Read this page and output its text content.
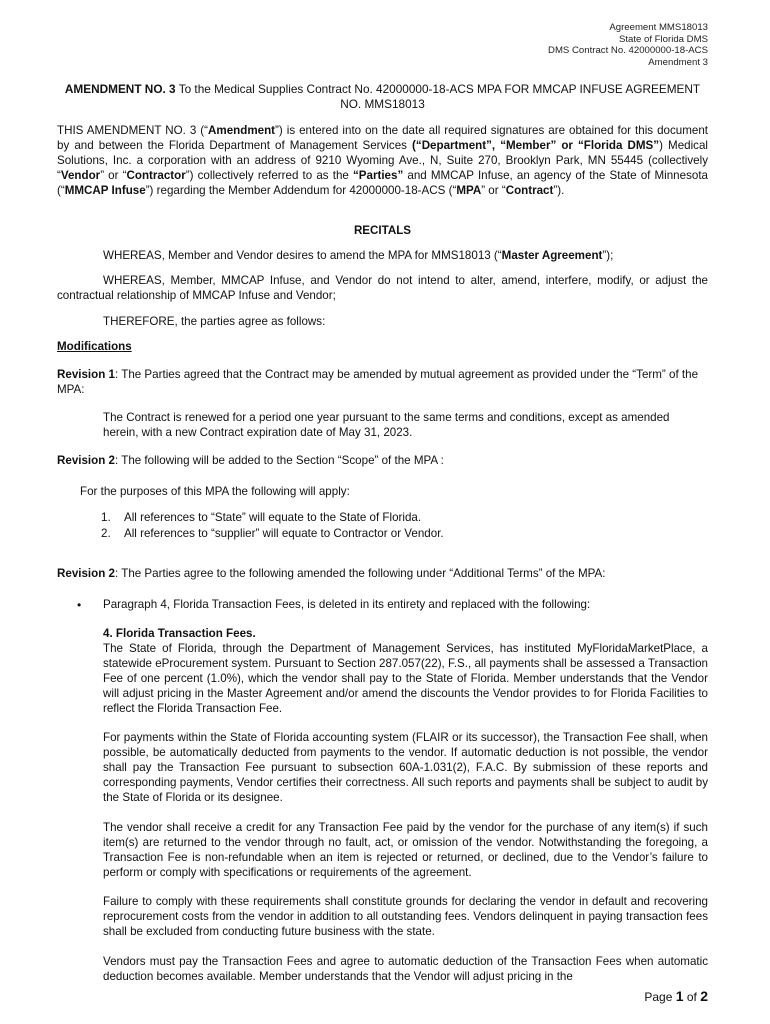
Agreement MMS18013
State of Florida DMS
DMS Contract No. 42000000-18-ACS
Amendment 3
AMENDMENT NO. 3 To the Medical Supplies Contract No. 42000000-18-ACS MPA FOR MMCAP INFUSE AGREEMENT NO. MMS18013
THIS AMENDMENT NO. 3 (“Amendment”) is entered into on the date all required signatures are obtained for this document by and between the Florida Department of Management Services (“Department”, “Member” or “Florida DMS”) Medical Solutions, Inc. a corporation with an address of 9210 Wyoming Ave., N, Suite 270, Brooklyn Park, MN 55445 (collectively “Vendor” or “Contractor”) collectively referred to as the “Parties” and MMCAP Infuse, an agency of the State of Minnesota (“MMCAP Infuse”) regarding the Member Addendum for 42000000-18-ACS (“MPA” or “Contract”).
RECITALS
WHEREAS, Member and Vendor desires to amend the MPA for MMS18013 (“Master Agreement”);
WHEREAS, Member, MMCAP Infuse, and Vendor do not intend to alter, amend, interfere, modify, or adjust the contractual relationship of MMCAP Infuse and Vendor;
THEREFORE, the parties agree as follows:
Modifications
Revision 1: The Parties agreed that the Contract may be amended by mutual agreement as provided under the “Term” of the MPA:
The Contract is renewed for a period one year pursuant to the same terms and conditions, except as amended herein, with a new Contract expiration date of May 31, 2023.
Revision 2: The following will be added to the Section “Scope” of the MPA :
For the purposes of this MPA the following will apply:
1. All references to “State” will equate to the State of Florida.
2. All references to “supplier” will equate to Contractor or Vendor.
Revision 2: The Parties agree to the following amended the following under “Additional Terms” of the MPA:
• Paragraph 4, Florida Transaction Fees, is deleted in its entirety and replaced with the following:
4. Florida Transaction Fees.
The State of Florida, through the Department of Management Services, has instituted MyFloridaMarketPlace, a statewide eProcurement system. Pursuant to Section 287.057(22), F.S., all payments shall be assessed a Transaction Fee of one percent (1.0%), which the vendor shall pay to the State of Florida. Member understands that the Vendor will adjust pricing in the Master Agreement and/or amend the discounts the Vendor provides to for Florida Facilities to reflect the Florida Transaction Fee.
For payments within the State of Florida accounting system (FLAIR or its successor), the Transaction Fee shall, when possible, be automatically deducted from payments to the vendor. If automatic deduction is not possible, the vendor shall pay the Transaction Fee pursuant to subsection 60A-1.031(2), F.A.C. By submission of these reports and corresponding payments, Vendor certifies their correctness. All such reports and payments shall be subject to audit by the State of Florida or its designee.
The vendor shall receive a credit for any Transaction Fee paid by the vendor for the purchase of any item(s) if such item(s) are returned to the vendor through no fault, act, or omission of the vendor. Notwithstanding the foregoing, a Transaction Fee is non-refundable when an item is rejected or returned, or declined, due to the Vendor’s failure to perform or comply with specifications or requirements of the agreement.
Failure to comply with these requirements shall constitute grounds for declaring the vendor in default and recovering reprocurement costs from the vendor in addition to all outstanding fees. Vendors delinquent in paying transaction fees shall be excluded from conducting future business with the state.
Vendors must pay the Transaction Fees and agree to automatic deduction of the Transaction Fees when automatic deduction becomes available. Member understands that the Vendor will adjust pricing in the
Page 1 of 2
